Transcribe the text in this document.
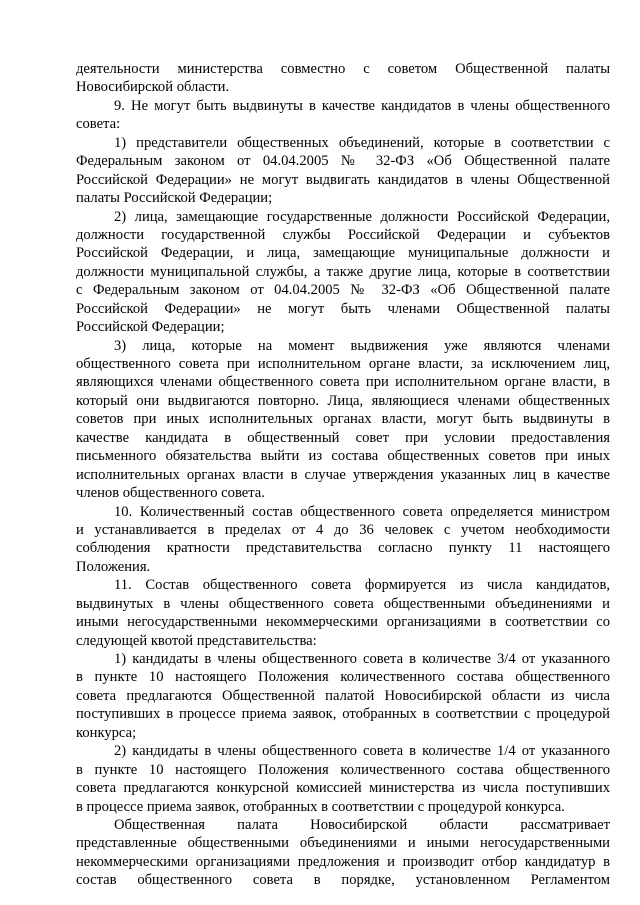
деятельности министерства совместно с советом Общественной палаты
Новосибирской области.
9. Не могут быть выдвинуты в качестве кандидатов в члены общественного
совета:
1) представители общественных объединений, которые в соответствии с
Федеральным законом от 04.04.2005 № 32-ФЗ «Об Общественной палате
Российской Федерации» не могут выдвигать кандидатов в члены Общественной
палаты Российской Федерации;
2) лица, замещающие государственные должности Российской Федерации,
должности государственной службы Российской Федерации и субъектов
Российской Федерации, и лица, замещающие муниципальные должности и
должности муниципальной службы, а также другие лица, которые в соответствии
с Федеральным законом от 04.04.2005 № 32-ФЗ «Об Общественной палате
Российской Федерации» не могут быть членами Общественной палаты
Российской Федерации;
3) лица, которые на момент выдвижения уже являются членами
общественного совета при исполнительном органе власти, за исключением лиц,
являющихся членами общественного совета при исполнительном органе власти, в
который они выдвигаются повторно. Лица, являющиеся членами общественных
советов при иных исполнительных органах власти, могут быть выдвинуты в
качестве кандидата в общественный совет при условии предоставления
письменного обязательства выйти из состава общественных советов при иных
исполнительных органах власти в случае утверждения указанных лиц в качестве
членов общественного совета.
10. Количественный состав общественного совета определяется министром
и устанавливается в пределах от 4 до 36 человек с учетом необходимости
соблюдения кратности представительства согласно пункту 11 настоящего
Положения.
11. Состав общественного совета формируется из числа кандидатов,
выдвинутых в члены общественного совета общественными объединениями и
иными негосударственными некоммерческими организациями в соответствии со
следующей квотой представительства:
1) кандидаты в члены общественного совета в количестве 3/4 от указанного
в пункте 10 настоящего Положения количественного состава общественного
совета предлагаются Общественной палатой Новосибирской области из числа
поступивших в процессе приема заявок, отобранных в соответствии с процедурой
конкурса;
2) кандидаты в члены общественного совета в количестве 1/4 от указанного
в пункте 10 настоящего Положения количественного состава общественного
совета предлагаются конкурсной комиссией министерства из числа поступивших
в процессе приема заявок, отобранных в соответствии с процедурой конкурса.
Общественная палата Новосибирской области рассматривает
представленные общественными объединениями и иными негосударственными
некоммерческими организациями предложения и производит отбор кандидатур в
состав общественного совета в порядке, установленном Регламентом
